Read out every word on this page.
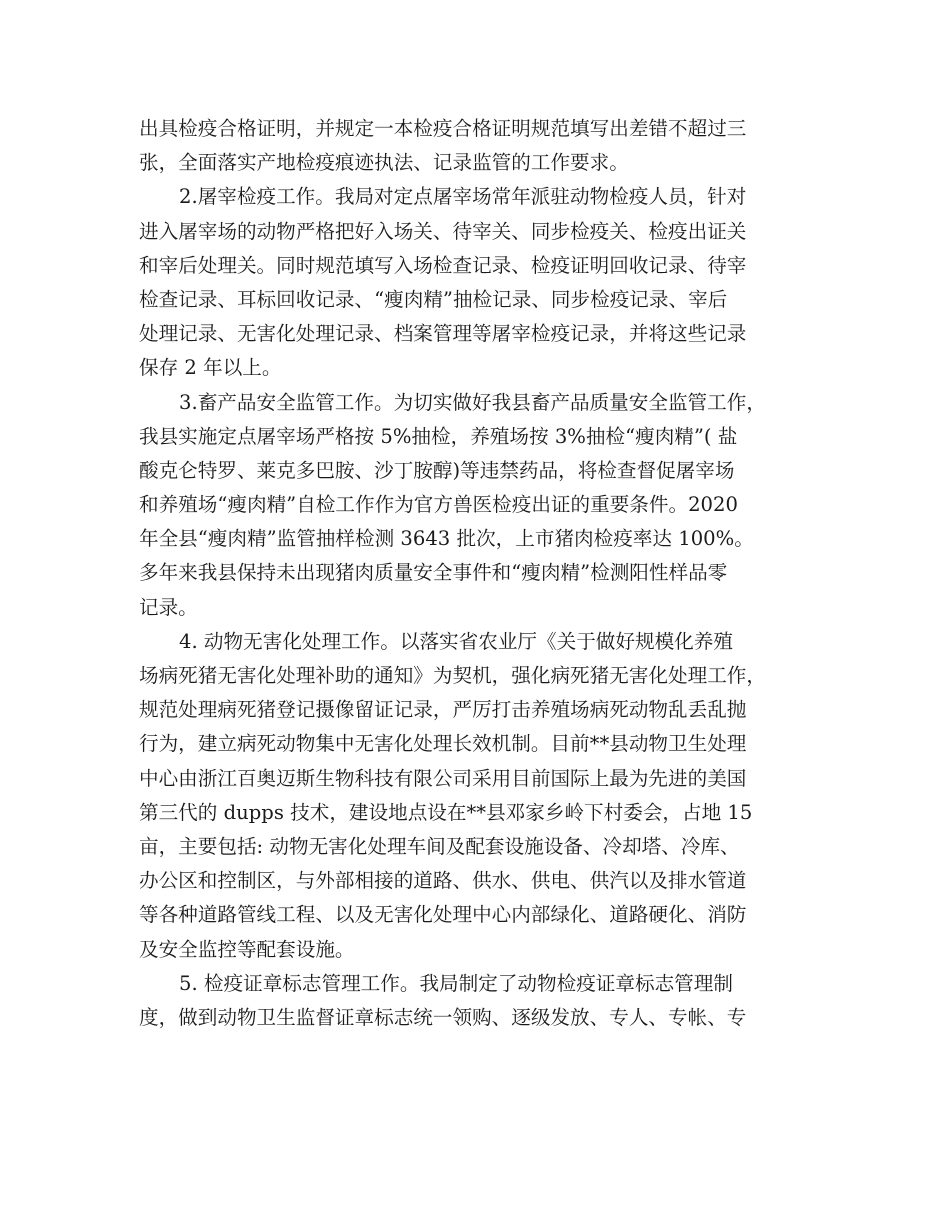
出具检疫合格证明，并规定一本检疫合格证明规范填写出差错不超过三
张，全面落实产地检疫痕迹执法、记录监管的工作要求。
2.屠宰检疫工作。我局对定点屠宰场常年派驻动物检疫人员，针对
进入屠宰场的动物严格把好入场关、待宰关、同步检疫关、检疫出证关
和宰后处理关。同时规范填写入场检查记录、检疫证明回收记录、待宰
检查记录、耳标回收记录、“瘦肉精”抽检记录、同步检疫记录、宰后
处理记录、无害化处理记录、档案管理等屠宰检疫记录，并将这些记录
保存 2 年以上。
3.畜产品安全监管工作。为切实做好我县畜产品质量安全监管工作，
我县实施定点屠宰场严格按 5%抽检，养殖场按 3%抽检“瘦肉精”( 盐
酸克仑特罗、莱克多巴胺、沙丁胺醇)等违禁药品，将检查督促屠宰场
和养殖场“瘦肉精”自检工作作为官方兽医检疫出证的重要条件。2020
年全县“瘦肉精”监管抽样检测 3643 批次，上市猪肉检疫率达 100%。
多年来我县保持未出现猪肉质量安全事件和“瘦肉精”检测阳性样品零
记录。
4. 动物无害化处理工作。以落实省农业厅《关于做好规模化养殖
场病死猪无害化处理补助的通知》为契机，强化病死猪无害化处理工作，
规范处理病死猪登记摄像留证记录，严厉打击养殖场病死动物乱丢乱抛
行为，建立病死动物集中无害化处理长效机制。目前**县动物卫生处理
中心由浙江百奥迈斯生物科技有限公司采用目前国际上最为先进的美国
第三代的 dupps 技术，建设地点设在**县邓家乡岭下村委会，占地 15
亩，主要包括: 动物无害化处理车间及配套设施设备、冷却塔、冷库、
办公区和控制区，与外部相接的道路、供水、供电、供汽以及排水管道
等各种道路管线工程、以及无害化处理中心内部绿化、道路硬化、消防
及安全监控等配套设施。
5. 检疫证章标志管理工作。我局制定了动物检疫证章标志管理制
度，做到动物卫生监督证章标志统一领购、逐级发放、专人、专帐、专
